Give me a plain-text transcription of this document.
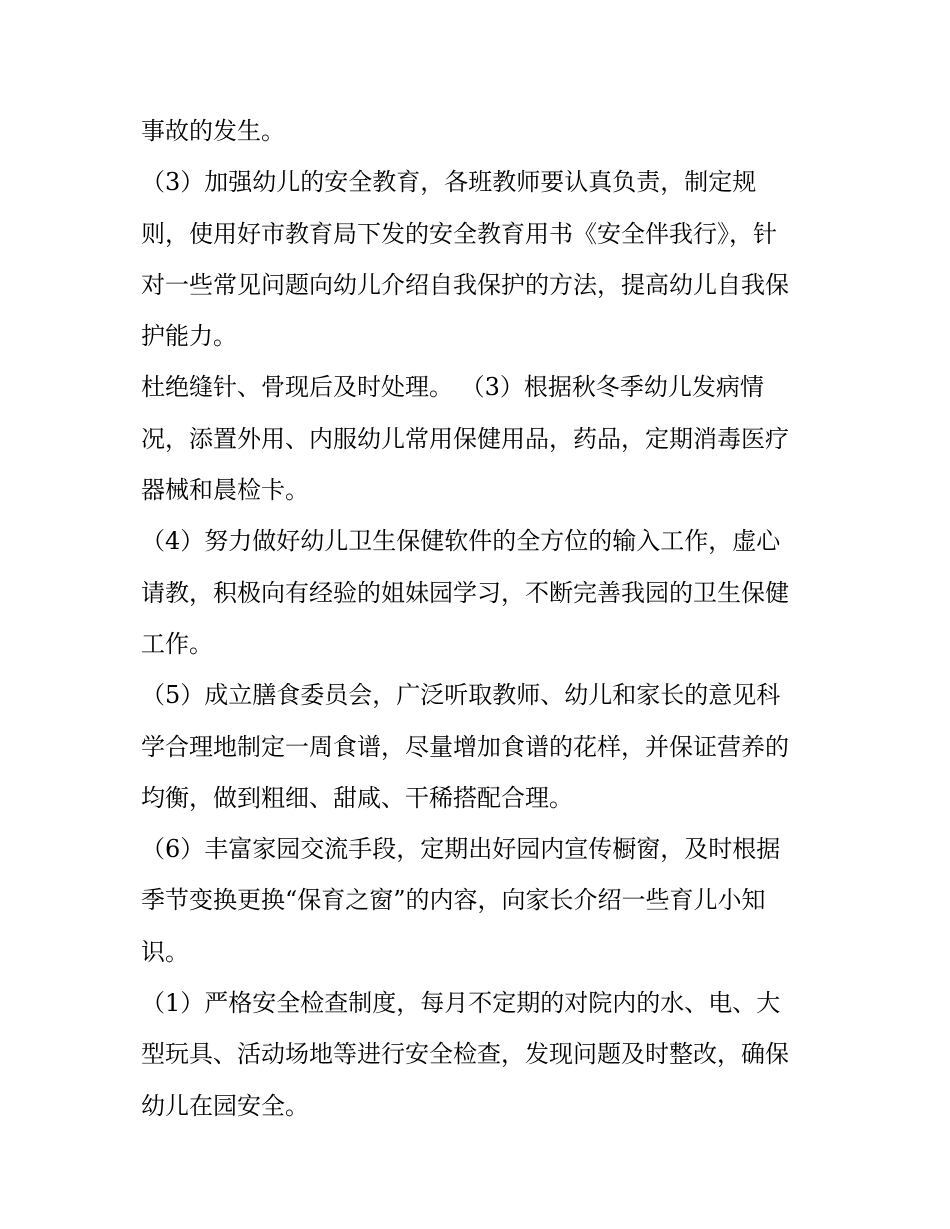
事故的发生。
（3）加强幼儿的安全教育，各班教师要认真负责，制定规
则，使用好市教育局下发的安全教育用书《安全伴我行》，针
对一些常见问题向幼儿介绍自我保护的方法，提高幼儿自我保
护能力。
杜绝缝针、骨现后及时处理。 （3）根据秋冬季幼儿发病情
况，添置外用、内服幼儿常用保健用品，药品，定期消毒医疗
器械和晨检卡。
（4）努力做好幼儿卫生保健软件的全方位的输入工作，虚心
请教，积极向有经验的姐妹园学习，不断完善我园的卫生保健
工作。
（5）成立膳食委员会，广泛听取教师、幼儿和家长的意见科
学合理地制定一周食谱，尽量增加食谱的花样，并保证营养的
均衡，做到粗细、甜咸、干稀搭配合理。
（6）丰富家园交流手段，定期出好园内宣传橱窗，及时根据
季节变换更换“保育之窗”的内容，向家长介绍一些育儿小知
识。
（1）严格安全检查制度，每月不定期的对院内的水、电、大
型玩具、活动场地等进行安全检查，发现问题及时整改，确保
幼儿在园安全。
